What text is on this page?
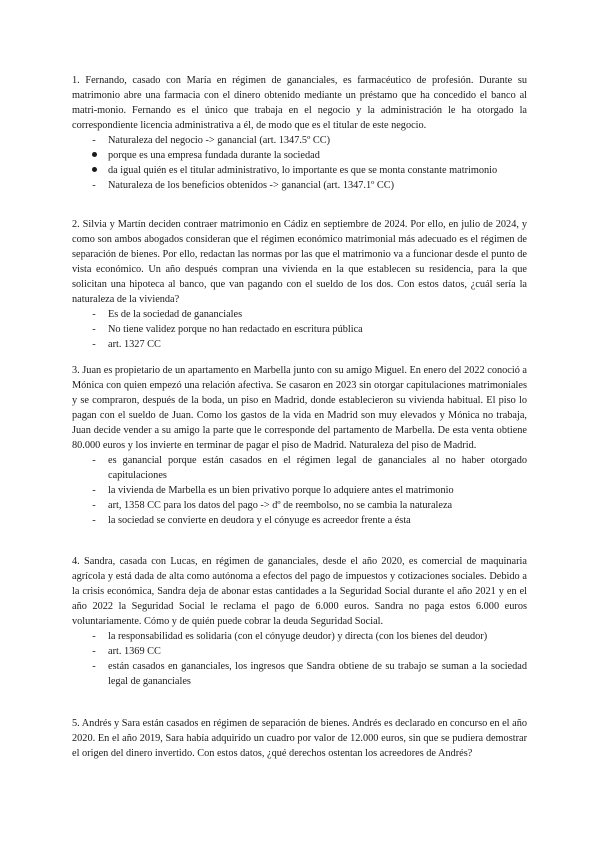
1. Fernando, casado con María en régimen de gananciales, es farmacéutico de profesión. Durante su matrimonio abre una farmacia con el dinero obtenido mediante un préstamo que ha concedido el banco al matri-monio. Fernando es el único que trabaja en el negocio y la administración le ha otorgado la correspondiente licencia administrativa a él, de modo que es el titular de este negocio.

-	Naturaleza del negocio -> ganancial (art. 1347.5º CC)
porque es una empresa fundada durante la sociedad
da igual quién es el titular administrativo, lo importante es que se monta constante matrimonio
-	Naturaleza de los beneficios obtenidos -> ganancial (art. 1347.1º CC)

2. Silvia y Martín deciden contraer matrimonio en Cádiz en septiembre de 2024. Por ello, en julio de 2024, y como son ambos abogados consideran que el régimen económico matrimonial más adecuado es el régimen de separación de bienes. Por ello, redactan las normas por las que el matrimonio va a funcionar desde el punto de vista económico. Un año después compran una vivienda en la que establecen su residencia, para la que solicitan una hipoteca al banco, que van pagando con el sueldo de los dos. Con estos datos, ¿cuál sería la naturaleza de la vivienda?

-	Es de la sociedad de gananciales
-	No tiene validez porque no han redactado en escritura pública
-	art. 1327 CC

3. Juan es propietario de un apartamento en Marbella junto con su amigo Miguel. En enero del 2022 conoció a Mónica con quien empezó una relación afectiva. Se casaron en 2023 sin otorgar capitulaciones matrimoniales y se compraron, después de la boda, un piso en Madrid, donde establecieron su vivienda habitual. El piso lo pagan con el sueldo de Juan. Como los gastos de la vida en Madrid son muy elevados y Mónica no trabaja, Juan decide vender a su amigo la parte que le corresponde del partamento de Marbella. De esta venta obtiene 80.000 euros y los invierte en terminar de pagar el piso de Madrid. Naturaleza del piso de Madrid.

-	es ganancial porque están casados en el régimen legal de gananciales al no haber otorgado capitulaciones
-	la vivienda de Marbella es un bien privativo porque lo adquiere antes el matrimonio
-	art, 1358 CC para los datos del pago -> dº de reembolso, no se cambia la naturaleza
-	la sociedad se convierte en deudora y el cónyuge es acreedor frente a ésta

4. Sandra, casada con Lucas, en régimen de gananciales, desde el año 2020, es comercial de maquinaria agrícola y está dada de alta como autónoma a efectos del pago de impuestos y cotizaciones sociales. Debido a la crisis económica, Sandra deja de abonar estas cantidades a la Seguridad Social durante el año 2021 y en el año 2022 la Seguridad Social le reclama el pago de 6.000 euros. Sandra no paga estos 6.000 euros voluntariamente. Cómo y de quién puede cobrar la deuda Seguridad Social.

-	la responsabilidad es solidaria (con el cónyuge deudor) y directa (con los bienes del deudor)
-	art. 1369 CC
-	están casados en gananciales, los ingresos que Sandra obtiene de su trabajo se suman a la sociedad legal de gananciales

5. Andrés y Sara están casados en régimen de separación de bienes. Andrés es declarado en concurso en el año 2020. En el año 2019, Sara había adquirido un cuadro por valor de 12.000 euros, sin que se pudiera demostrar el origen del dinero invertido. Con estos datos, ¿qué derechos ostentan los acreedores de Andrés?
